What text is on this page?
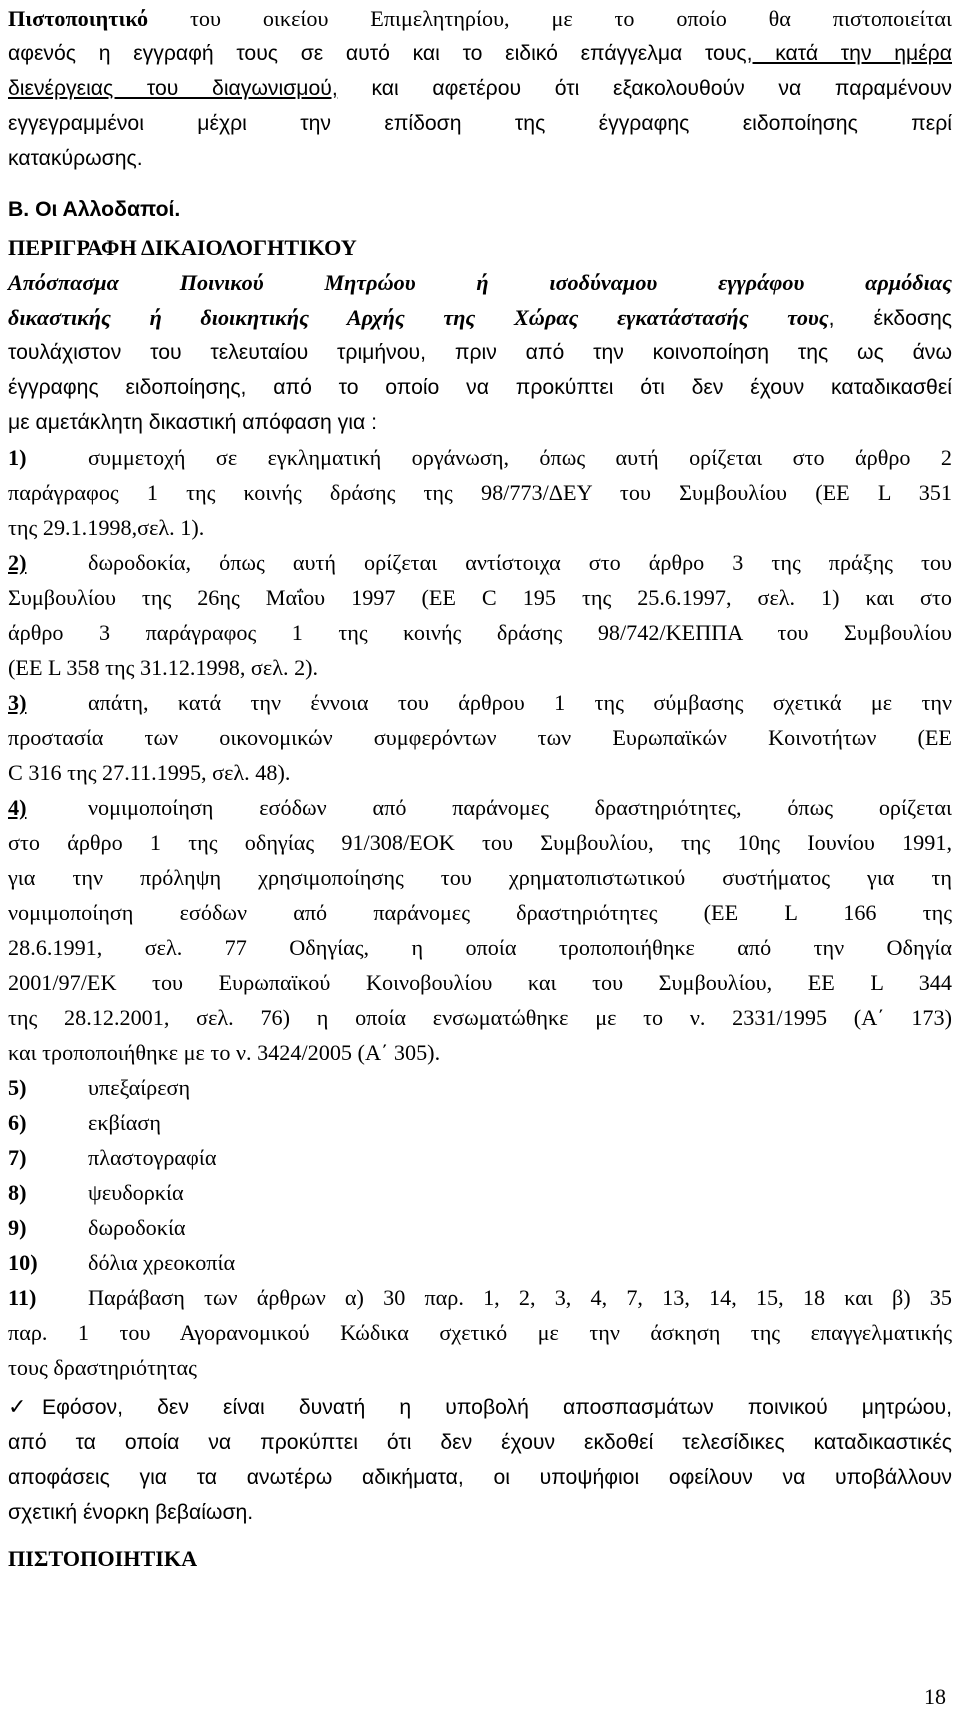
Πιστοποιητικό του οικείου Επιμελητηρίου, με το οποίο θα πιστοποιείται
αφενός η εγγραφή τους σε αυτό και το ειδικό επάγγελμα τους, κατά την ημέρα
διενέργειας του διαγωνισμού, και αφετέρου ότι εξακολουθούν να παραμένουν
εγγεγραμμένοι μέχρι την επίδοση της έγγραφης ειδοποίησης περί
κατακύρωσης.
Β. Οι Αλλοδαποί.
ΠΕΡΙΓΡΑΦΗ ΔΙΚΑΙΟΛΟΓΗΤΙΚΟΥ
Απόσπασμα Ποινικού Μητρώου ή ισοδύναμου εγγράφου αρμόδιας
δικαστικής ή διοικητικής Αρχής της Χώρας εγκατάστασής τους, έκδοσης
τουλάχιστον του τελευταίου τριμήνου, πριν από την κοινοποίηση της ως άνω
έγγραφης ειδοποίησης, από το οποίο να προκύπτει ότι δεν έχουν καταδικασθεί
με αμετάκλητη δικαστική απόφαση για :
1)	συμμετοχή σε εγκληματική οργάνωση, όπως αυτή ορίζεται στο άρθρο 2
παράγραφος 1 της κοινής δράσης της 98/773/ΔΕΥ του Συμβουλίου (ΕΕ L 351
της 29.1.1998,σελ. 1).
2)	δωροδοκία, όπως αυτή ορίζεται αντίστοιχα στο άρθρο 3 της πράξης του
Συμβουλίου της 26ης Μαΐου 1997 (ΕΕ C 195 της 25.6.1997, σελ. 1) και στο
άρθρο 3 παράγραφος 1 της κοινής δράσης 98/742/ΚΕΠΠΑ του Συμβουλίου
(ΕΕ L 358 της 31.12.1998, σελ. 2).
3)	απάτη, κατά την έννοια του άρθρου 1 της σύμβασης σχετικά με την
προστασία των οικονομικών συμφερόντων των Ευρωπαϊκών Κοινοτήτων (ΕΕ
C 316 της 27.11.1995, σελ. 48).
4)	νομιμοποίηση εσόδων από παράνομες δραστηριότητες, όπως ορίζεται
στο άρθρο 1 της οδηγίας 91/308/ΕΟΚ του Συμβουλίου, της 10ης Ιουνίου 1991,
για την πρόληψη χρησιμοποίησης του χρηματοπιστωτικού συστήματος για τη
νομιμοποίηση εσόδων από παράνομες δραστηριότητες (ΕΕ L 166 της
28.6.1991, σελ. 77 Οδηγίας, η οποία τροποποιήθηκε από την Οδηγία
2001/97/ΕΚ του Ευρωπαϊκού Κοινοβουλίου και του Συμβουλίου, ΕΕ L 344
της 28.12.2001, σελ. 76) η οποία ενσωματώθηκε με το ν. 2331/1995 (Α΄ 173)
και τροποποιήθηκε με το ν. 3424/2005 (Α΄ 305).
5)	υπεξαίρεση
6)	εκβίαση
7)	πλαστογραφία
8)	ψευδορκία
9)	δωροδοκία
10) δόλια χρεοκοπία
11) Παράβαση των άρθρων α) 30 παρ. 1, 2, 3, 4, 7, 13, 14, 15, 18 και β) 35
παρ. 1 του Αγορανομικού Κώδικα σχετικό με την άσκηση της επαγγελματικής
τους δραστηριότητας
✓ Εφόσον, δεν είναι δυνατή η υποβολή αποσπασμάτων ποινικού μητρώου,
από τα οποία να προκύπτει ότι δεν έχουν εκδοθεί τελεσίδικες καταδικαστικές
αποφάσεις για τα ανωτέρω αδικήματα, οι υποψήφιοι οφείλουν να υποβάλλουν
σχετική ένορκη βεβαίωση.
ΠΙΣΤΟΠΟΙΗΤΙΚΑ
18
